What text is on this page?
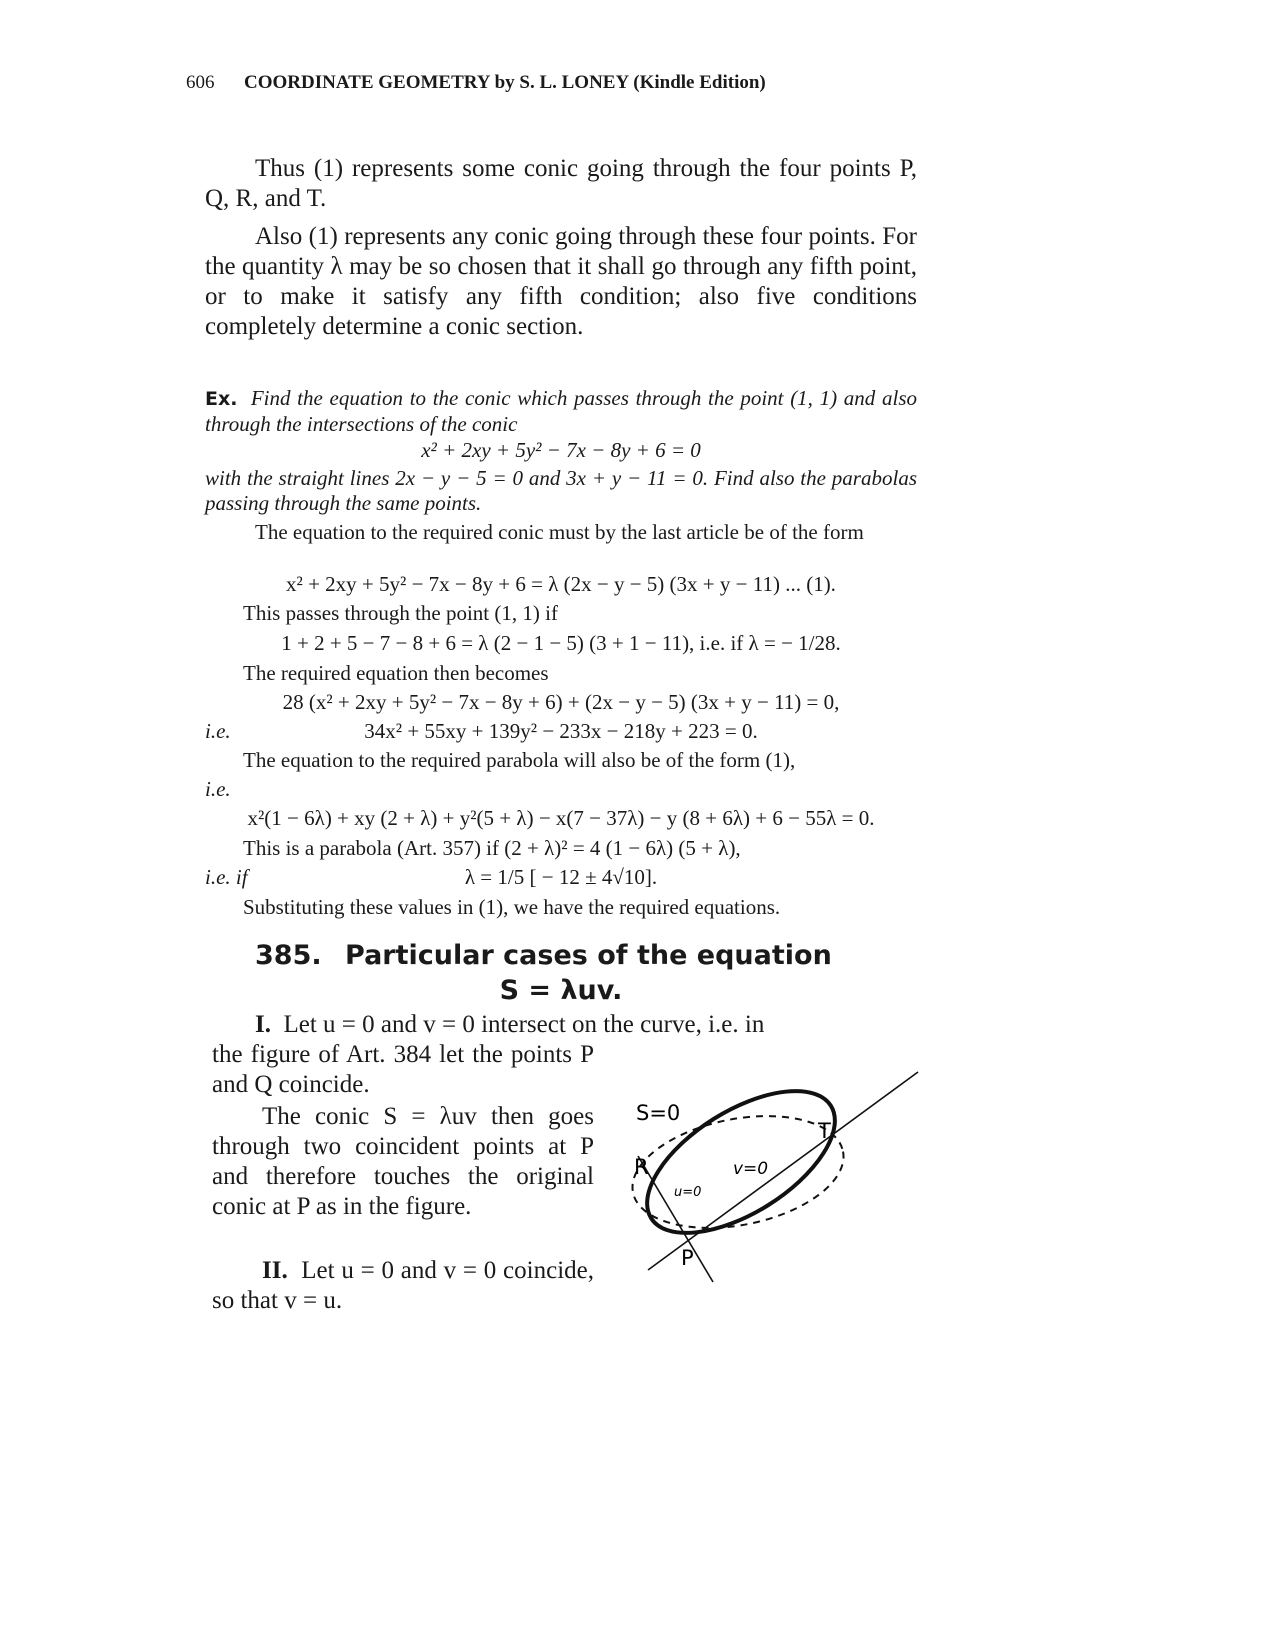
606 COORDINATE GEOMETRY by S. L. LONEY (Kindle Edition)
Thus (1) represents some conic going through the four points P, Q, R, and T.
Also (1) represents any conic going through these four points. For the quantity λ may be so chosen that it shall go through any fifth point, or to make it satisfy any fifth condition; also five conditions completely determine a conic section.
Ex. Find the equation to the conic which passes through the point (1, 1) and also through the intersections of the conic
x² + 2xy + 5y² − 7x − 8y + 6 = 0
with the straight lines 2x − y − 5 = 0 and 3x + y − 11 = 0. Find also the parabolas passing through the same points.
The equation to the required conic must by the last article be of the form
x² + 2xy + 5y² − 7x − 8y + 6 = λ (2x − y − 5) (3x + y − 11) ... (1).
This passes through the point (1, 1) if
1 + 2 + 5 − 7 − 8 + 6 = λ (2 − 1 − 5) (3 + 1 − 11), i.e. if λ = − 1/28.
The required equation then becomes
28 (x² + 2xy + 5y² − 7x − 8y + 6) + (2x − y − 5) (3x + y − 11) = 0,
i.e.	34x² + 55xy + 139y² − 233x − 218y + 223 = 0.
The equation to the required parabola will also be of the form (1),
i.e.
x²(1 − 6λ) + xy (2 + λ) + y²(5 + λ) − x(7 − 37λ) − y (8 + 6λ) + 6 − 55λ = 0.
This is a parabola (Art. 357) if (2 + λ)² = 4 (1 − 6λ) (5 + λ),
i.e. if	λ = 1/5 [ − 12 ± 4√10].
Substituting these values in (1), we have the required equations.
385. Particular cases of the equation
S = λuv.
I. Let u = 0 and v = 0 intersect on the curve, i.e. in
the figure of Art. 384 let the points P and Q coincide.
The conic S = λuv then goes through two coincident points at P and therefore touches the original conic at P as in the figure.
II. Let u = 0 and v = 0 coincide, so that v = u.
S=0
T
R
P
v=0
u=0
